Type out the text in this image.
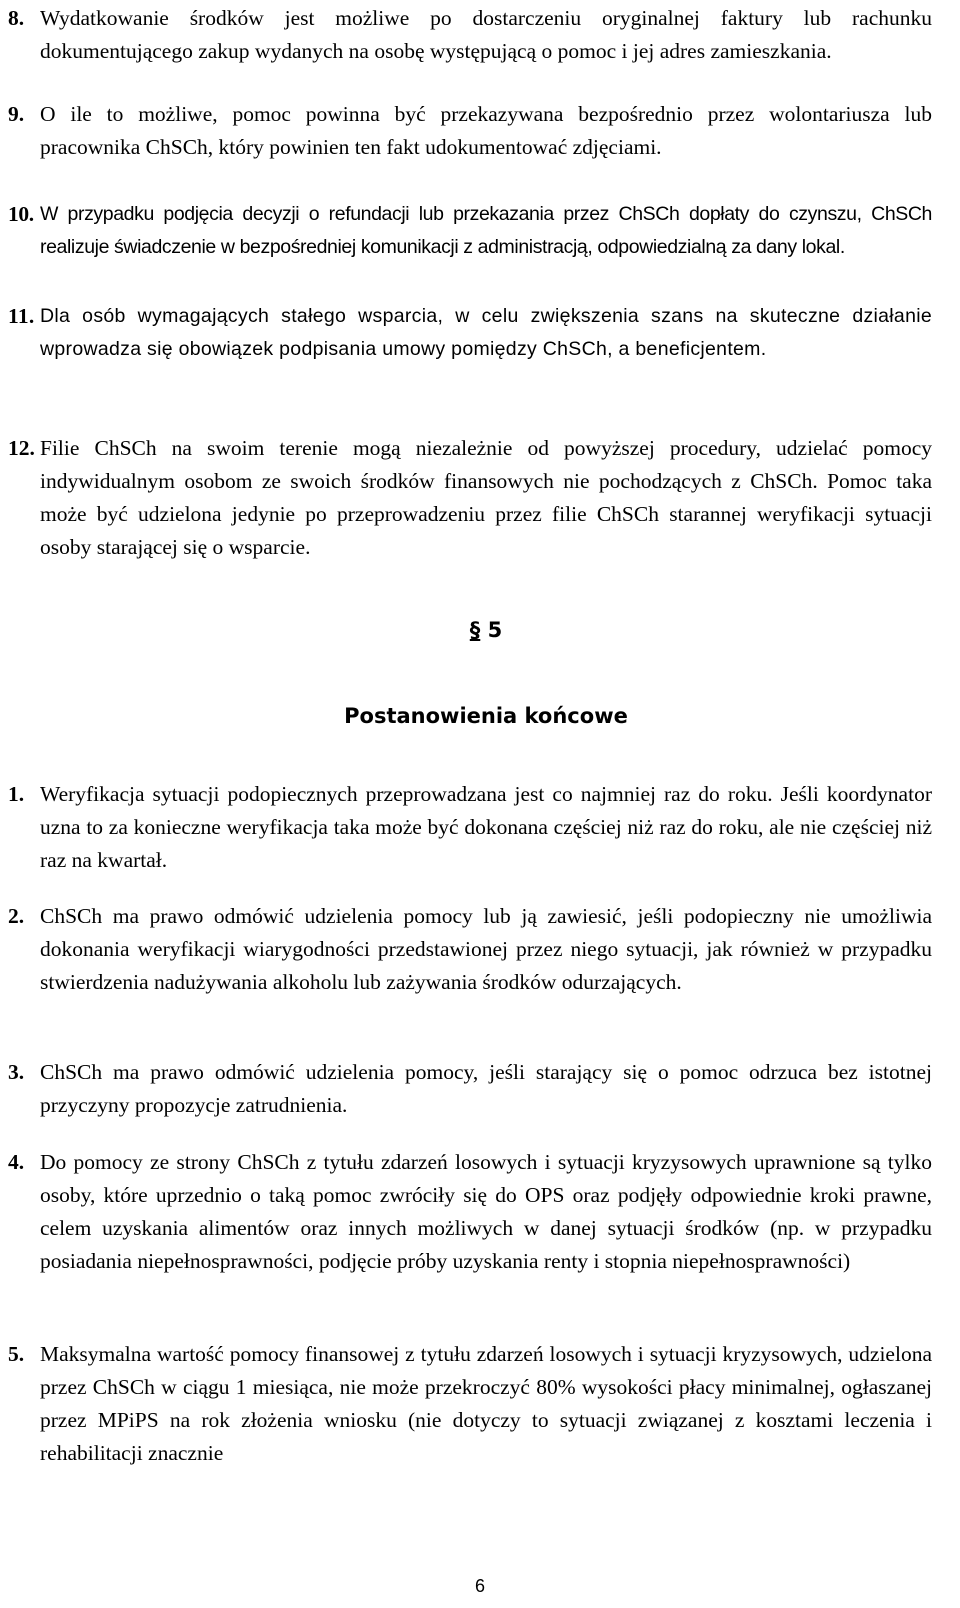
8. Wydatkowanie środków jest możliwe po dostarczeniu oryginalnej faktury lub rachunku dokumentującego zakup wydanych na osobę występującą o pomoc i jej adres zamieszkania.

9. O ile to możliwe, pomoc powinna być przekazywana bezpośrednio przez wolontariusza lub pracownika ChSCh, który powinien ten fakt udokumentować zdjęciami.

10. W przypadku podjęcia decyzji o refundacji lub przekazania przez ChSCh dopłaty do czynszu, ChSCh realizuje świadczenie w bezpośredniej komunikacji z administracją, odpowiedzialną za dany lokal.

11. Dla osób wymagających stałego wsparcia, w celu zwiększenia szans na skuteczne działanie wprowadza się obowiązek podpisania umowy pomiędzy ChSCh, a beneficjentem.

12. Filie ChSCh na swoim terenie mogą niezależnie od powyższej procedury, udzielać pomocy indywidualnym osobom ze swoich środków finansowych nie pochodzących z ChSCh. Pomoc taka może być udzielona jedynie po przeprowadzeniu przez filie ChSCh starannej weryfikacji sytuacji osoby starającej się o wsparcie.

§ 5
Postanowienia końcowe

1. Weryfikacja sytuacji podopiecznych przeprowadzana jest co najmniej raz do roku. Jeśli koordynator uzna to za konieczne weryfikacja taka może być dokonana częściej niż raz do roku, ale nie częściej niż raz na kwartał.

2. ChSCh ma prawo odmówić udzielenia pomocy lub ją zawiesić, jeśli podopieczny nie umożliwia dokonania weryfikacji wiarygodności przedstawionej przez niego sytuacji, jak również w przypadku stwierdzenia nadużywania alkoholu lub zażywania środków odurzających.

3. ChSCh ma prawo odmówić udzielenia pomocy, jeśli starający się o pomoc odrzuca bez istotnej przyczyny propozycje zatrudnienia.

4. Do pomocy ze strony ChSCh z tytułu zdarzeń losowych i sytuacji kryzysowych uprawnione są tylko osoby, które uprzednio o taką pomoc zwróciły się do OPS oraz podjęły odpowiednie kroki prawne, celem uzyskania alimentów oraz innych możliwych w danej sytuacji środków (np. w przypadku posiadania niepełnosprawności, podjęcie próby uzyskania renty i stopnia niepełnosprawności)

5. Maksymalna wartość pomocy finansowej z tytułu zdarzeń losowych i sytuacji kryzysowych, udzielona przez ChSCh w ciągu 1 miesiąca, nie może przekroczyć 80% wysokości płacy minimalnej, ogłaszanej przez MPiPS na rok złożenia wniosku (nie dotyczy to sytuacji związanej z kosztami leczenia i rehabilitacji znacznie

6
